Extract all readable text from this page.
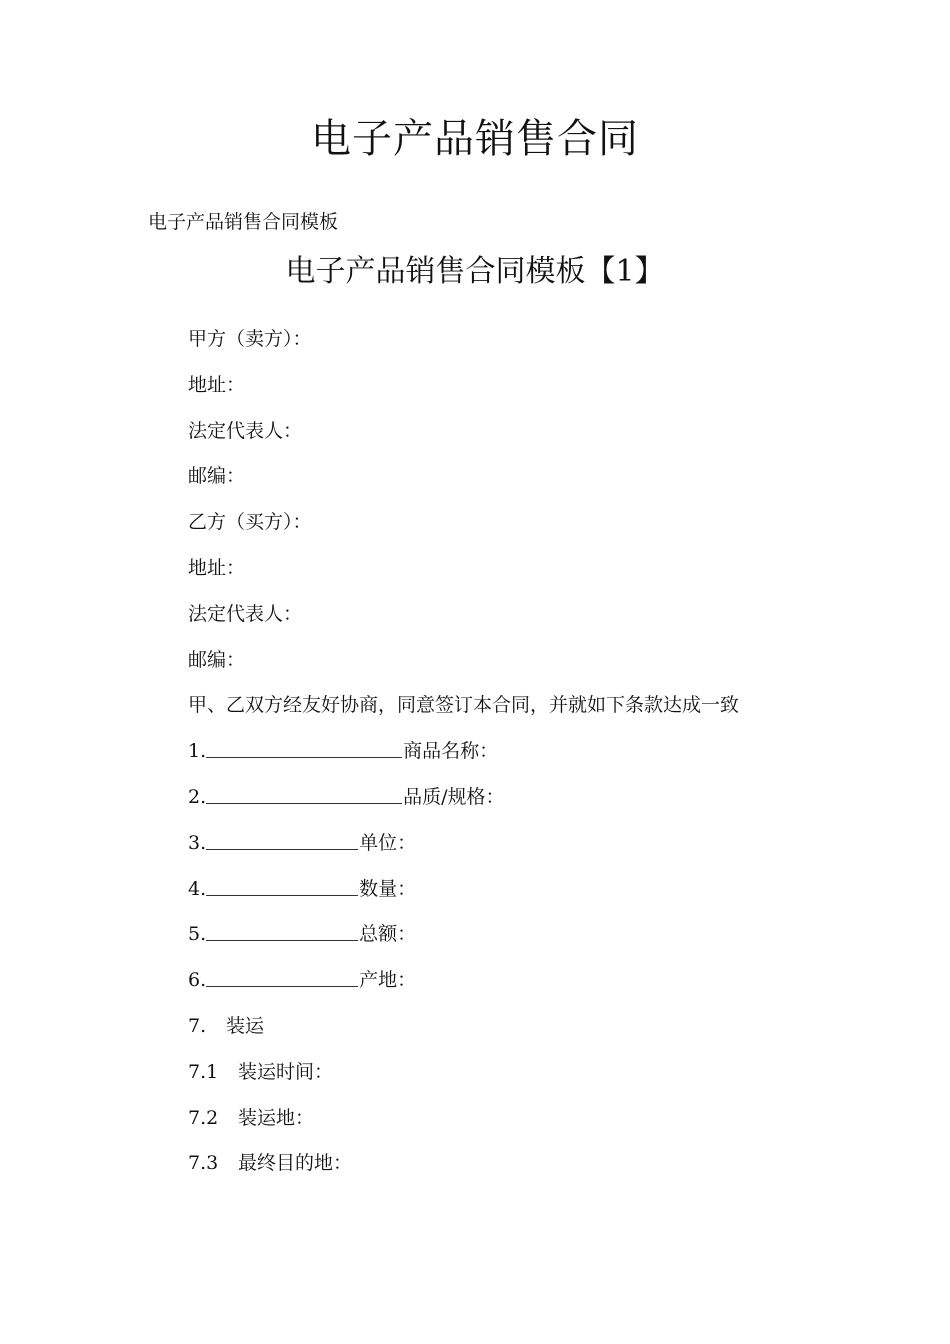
电子产品销售合同
电子产品销售合同模板
电子产品销售合同模板【1】
甲方（卖方）：
地址：
法定代表人：
邮编：
乙方（买方）：
地址：
法定代表人：
邮编：
甲、乙双方经友好协商，同意签订本合同，并就如下条款达成一致
1.	商品名称：
2.	品质/规格：
3.	单位：
4.	数量：
5.	总额：
6.	产地：
7. 装运
7.1 装运时间：
7.2 装运地：
7.3 最终目的地：
